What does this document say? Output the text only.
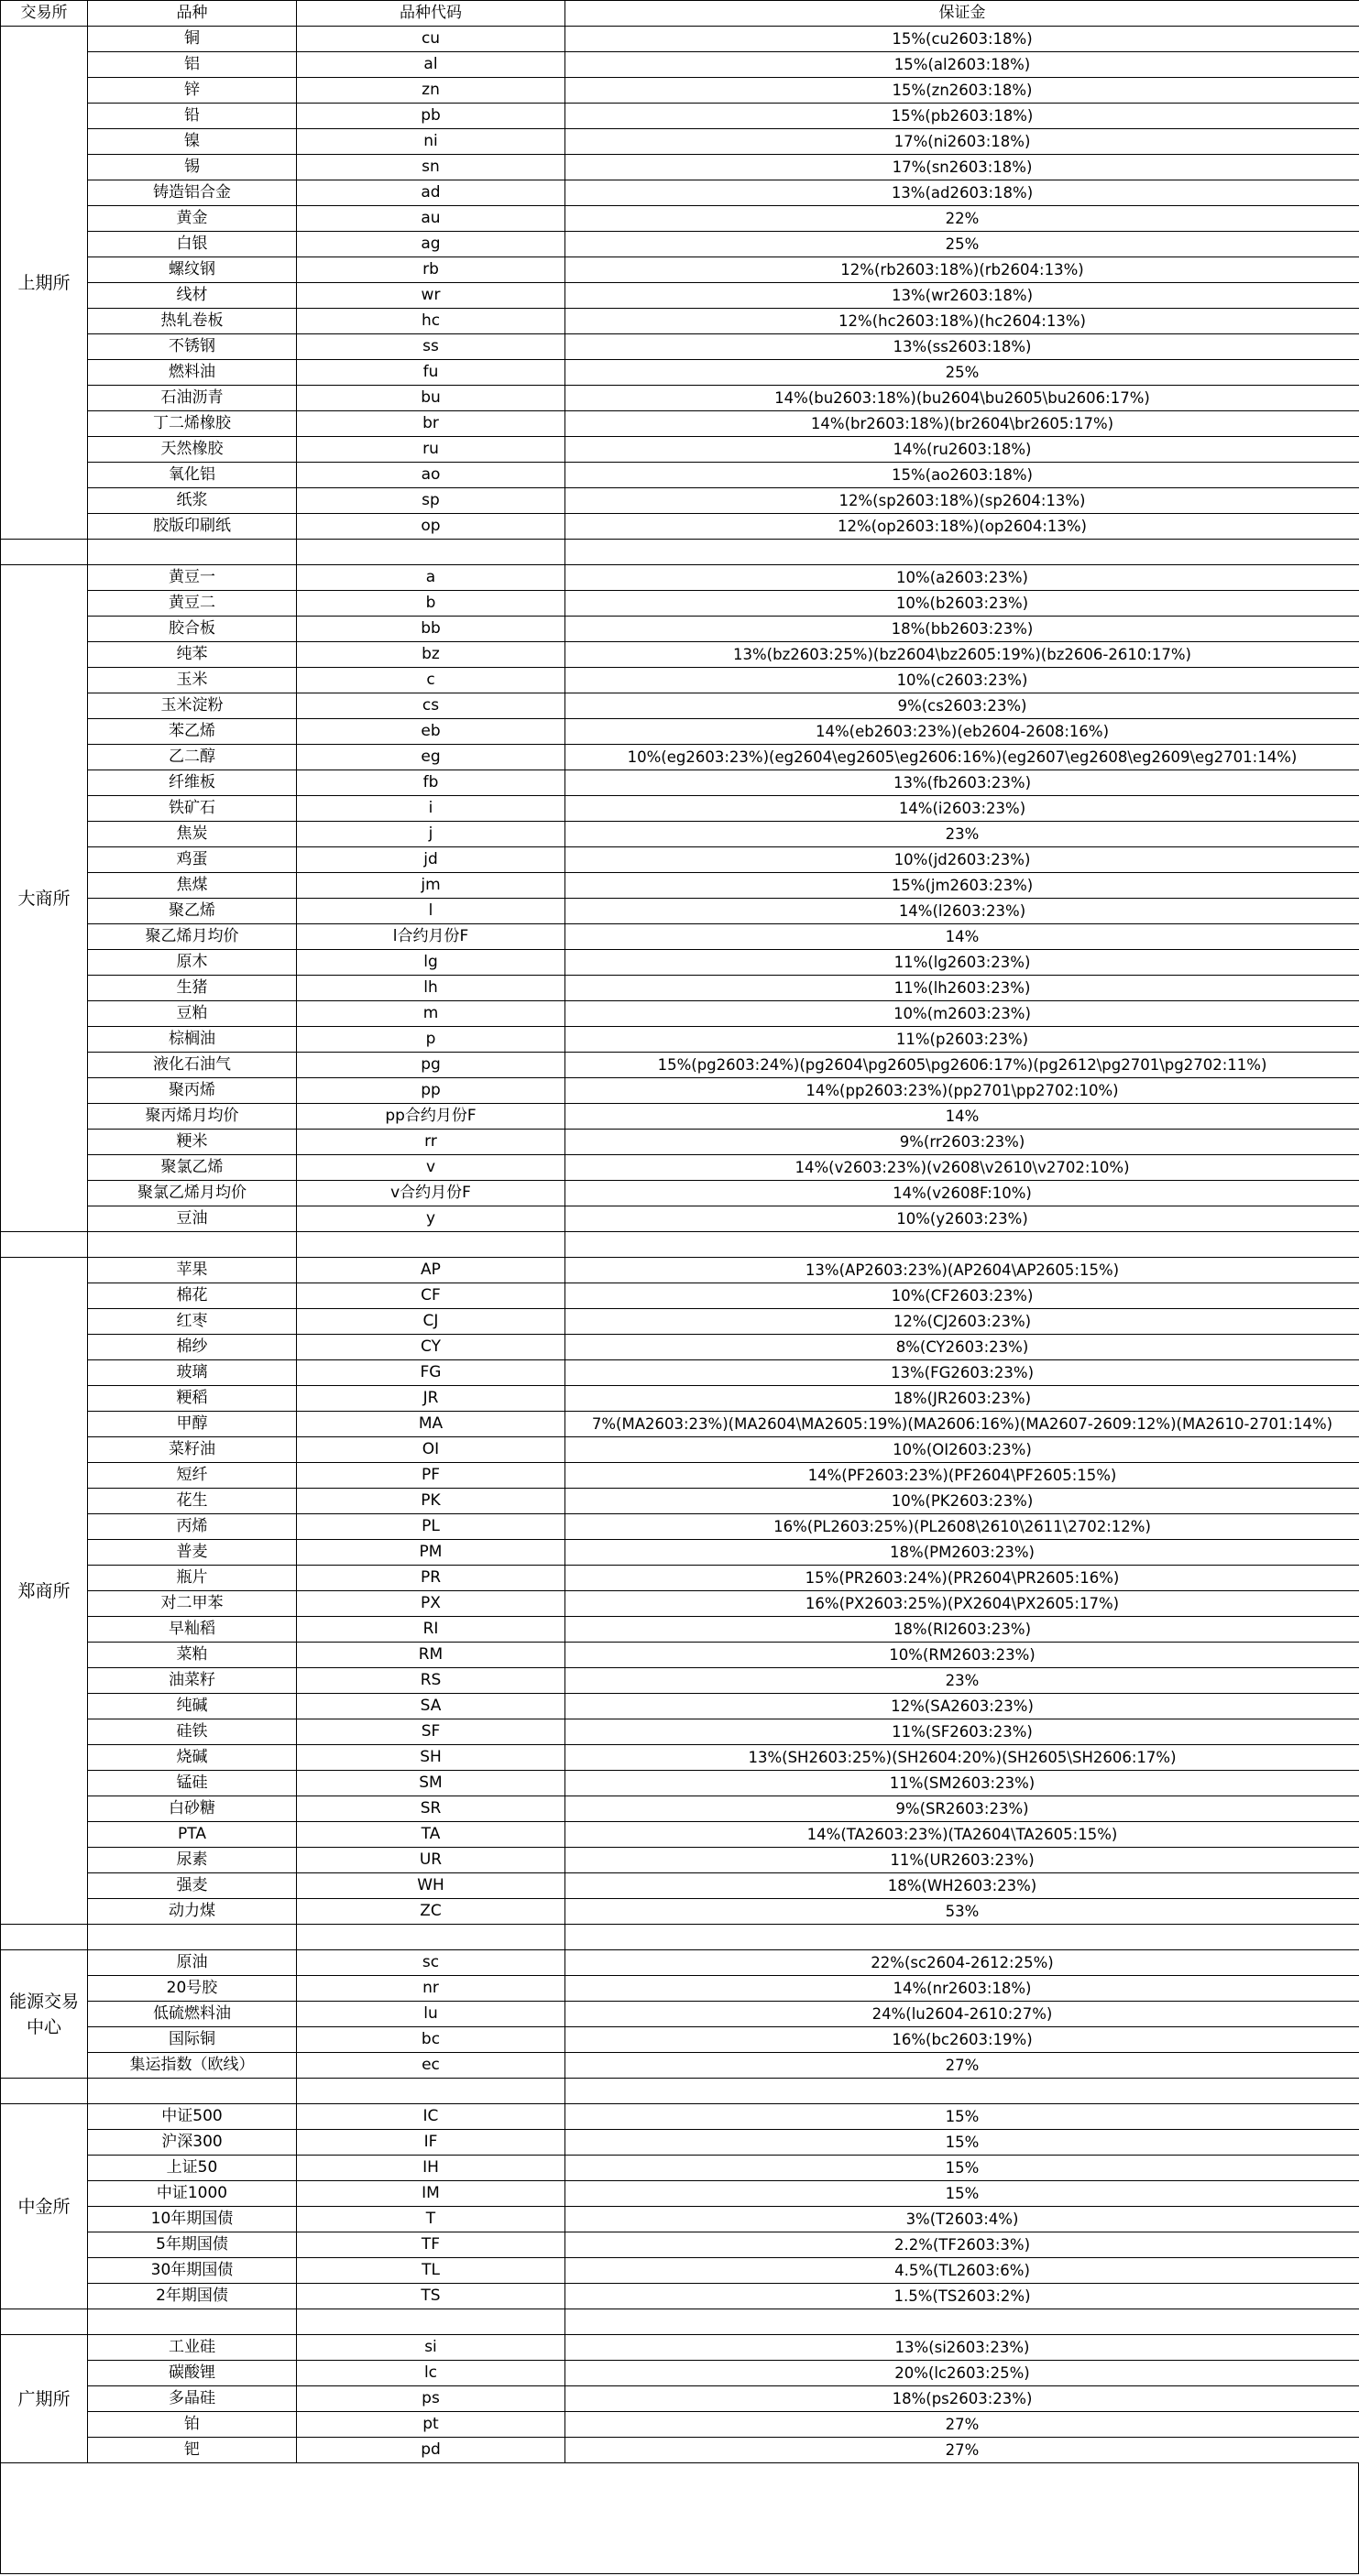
交易所	品种	品种代码	保证金
上期所	铜	cu	15%(cu2603:18%)
	铝	al	15%(al2603:18%)
	锌	zn	15%(zn2603:18%)
	铅	pb	15%(pb2603:18%)
	镍	ni	17%(ni2603:18%)
	锡	sn	17%(sn2603:18%)
	铸造铝合金	ad	13%(ad2603:18%)
	黄金	au	22%
	白银	ag	25%
	螺纹钢	rb	12%(rb2603:18%)(rb2604:13%)
	线材	wr	13%(wr2603:18%)
	热轧卷板	hc	12%(hc2603:18%)(hc2604:13%)
	不锈钢	ss	13%(ss2603:18%)
	燃料油	fu	25%
	石油沥青	bu	14%(bu2603:18%)(bu2604\bu2605\bu2606:17%)
	丁二烯橡胶	br	14%(br2603:18%)(br2604\br2605:17%)
	天然橡胶	ru	14%(ru2603:18%)
	氧化铝	ao	15%(ao2603:18%)
	纸浆	sp	12%(sp2603:18%)(sp2604:13%)
	胶版印刷纸	op	12%(op2603:18%)(op2604:13%)

大商所	黄豆一	a	10%(a2603:23%)
	黄豆二	b	10%(b2603:23%)
	胶合板	bb	18%(bb2603:23%)
	纯苯	bz	13%(bz2603:25%)(bz2604\bz2605:19%)(bz2606-2610:17%)
	玉米	c	10%(c2603:23%)
	玉米淀粉	cs	9%(cs2603:23%)
	苯乙烯	eb	14%(eb2603:23%)(eb2604-2608:16%)
	乙二醇	eg	10%(eg2603:23%)(eg2604\eg2605\eg2606:16%)(eg2607\eg2608\eg2609\eg2701:14%)
	纤维板	fb	13%(fb2603:23%)
	铁矿石	i	14%(i2603:23%)
	焦炭	j	23%
	鸡蛋	jd	10%(jd2603:23%)
	焦煤	jm	15%(jm2603:23%)
	聚乙烯	l	14%(l2603:23%)
	聚乙烯月均价	l合约月份F	14%
	原木	lg	11%(lg2603:23%)
	生猪	lh	11%(lh2603:23%)
	豆粕	m	10%(m2603:23%)
	棕榈油	p	11%(p2603:23%)
	液化石油气	pg	15%(pg2603:24%)(pg2604\pg2605\pg2606:17%)(pg2612\pg2701\pg2702:11%)
	聚丙烯	pp	14%(pp2603:23%)(pp2701\pp2702:10%)
	聚丙烯月均价	pp合约月份F	14%
	粳米	rr	9%(rr2603:23%)
	聚氯乙烯	v	14%(v2603:23%)(v2608\v2610\v2702:10%)
	聚氯乙烯月均价	v合约月份F	14%(v2608F:10%)
	豆油	y	10%(y2603:23%)

郑商所	苹果	AP	13%(AP2603:23%)(AP2604\AP2605:15%)
	棉花	CF	10%(CF2603:23%)
	红枣	CJ	12%(CJ2603:23%)
	棉纱	CY	8%(CY2603:23%)
	玻璃	FG	13%(FG2603:23%)
	粳稻	JR	18%(JR2603:23%)
	甲醇	MA	7%(MA2603:23%)(MA2604\MA2605:19%)(MA2606:16%)(MA2607-2609:12%)(MA2610-2701:14%)
	菜籽油	OI	10%(OI2603:23%)
	短纤	PF	14%(PF2603:23%)(PF2604\PF2605:15%)
	花生	PK	10%(PK2603:23%)
	丙烯	PL	16%(PL2603:25%)(PL2608\2610\2611\2702:12%)
	普麦	PM	18%(PM2603:23%)
	瓶片	PR	15%(PR2603:24%)(PR2604\PR2605:16%)
	对二甲苯	PX	16%(PX2603:25%)(PX2604\PX2605:17%)
	早籼稻	RI	18%(RI2603:23%)
	菜粕	RM	10%(RM2603:23%)
	油菜籽	RS	23%
	纯碱	SA	12%(SA2603:23%)
	硅铁	SF	11%(SF2603:23%)
	烧碱	SH	13%(SH2603:25%)(SH2604:20%)(SH2605\SH2606:17%)
	锰硅	SM	11%(SM2603:23%)
	白砂糖	SR	9%(SR2603:23%)
	PTA	TA	14%(TA2603:23%)(TA2604\TA2605:15%)
	尿素	UR	11%(UR2603:23%)
	强麦	WH	18%(WH2603:23%)
	动力煤	ZC	53%

能源交易中心	原油	sc	22%(sc2604-2612:25%)
	20号胶	nr	14%(nr2603:18%)
	低硫燃料油	lu	24%(lu2604-2610:27%)
	国际铜	bc	16%(bc2603:19%)
	集运指数（欧线）	ec	27%

中金所	中证500	IC	15%
	沪深300	IF	15%
	上证50	IH	15%
	中证1000	IM	15%
	10年期国债	T	3%(T2603:4%)
	5年期国债	TF	2.2%(TF2603:3%)
	30年期国债	TL	4.5%(TL2603:6%)
	2年期国债	TS	1.5%(TS2603:2%)

广期所	工业硅	si	13%(si2603:23%)
	碳酸锂	lc	20%(lc2603:25%)
	多晶硅	ps	18%(ps2603:23%)
	铂	pt	27%
	钯	pd	27%
